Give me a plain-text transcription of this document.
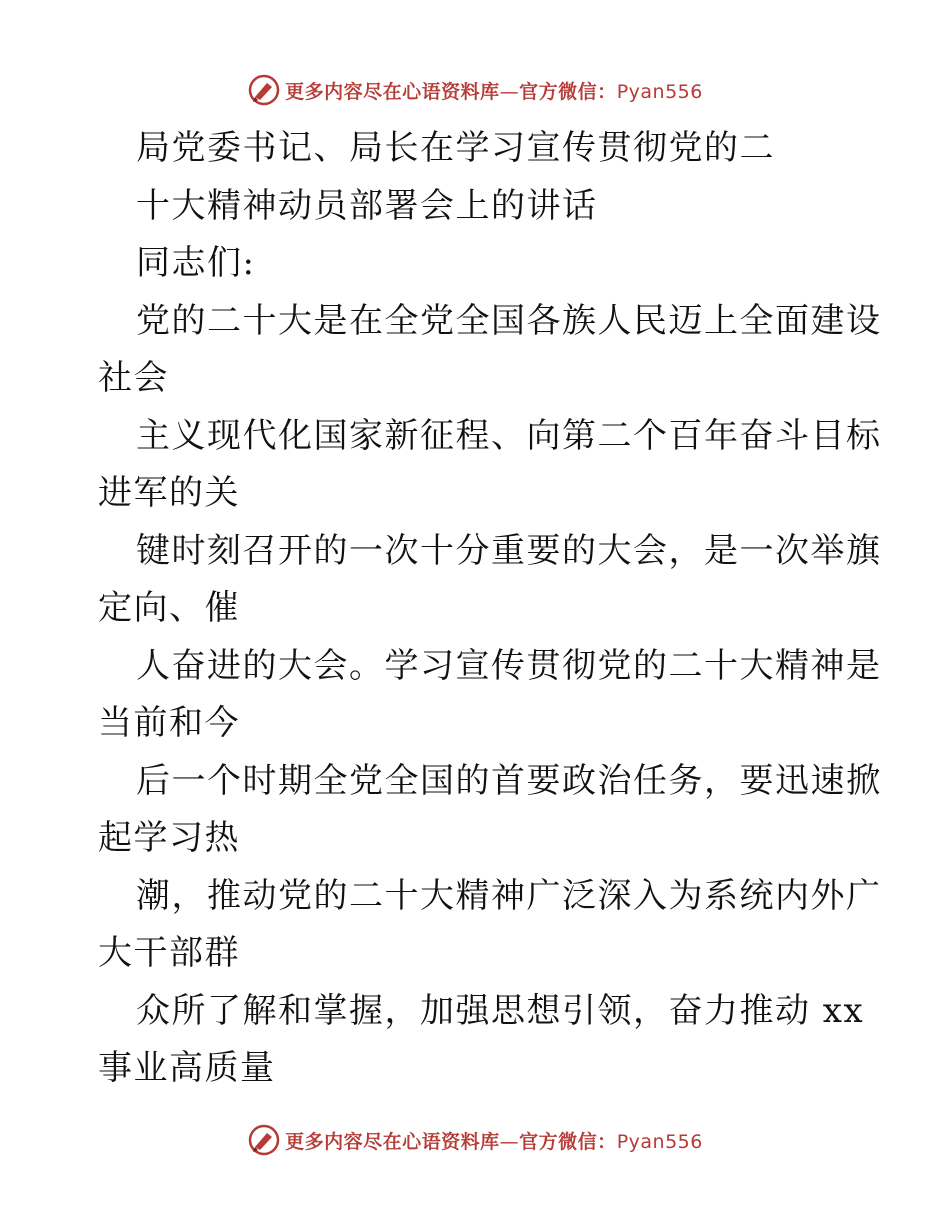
更多内容尽在心语资料库—官方微信：Pyan556
局党委书记、局长在学习宣传贯彻党的二
十大精神动员部署会上的讲话
同志们:
党的二十大是在全党全国各族人民迈上全面建设
社会
主义现代化国家新征程、向第二个百年奋斗目标
进军的关
键时刻召开的一次十分重要的大会，是一次举旗
定向、催
人奋进的大会。学习宣传贯彻党的二十大精神是
当前和今
后一个时期全党全国的首要政治任务，要迅速掀
起学习热
潮，推动党的二十大精神广泛深入为系统内外广
大干部群
众所了解和掌握，加强思想引领，奋力推动 xx
事业高质量
更多内容尽在心语资料库—官方微信：Pyan556
